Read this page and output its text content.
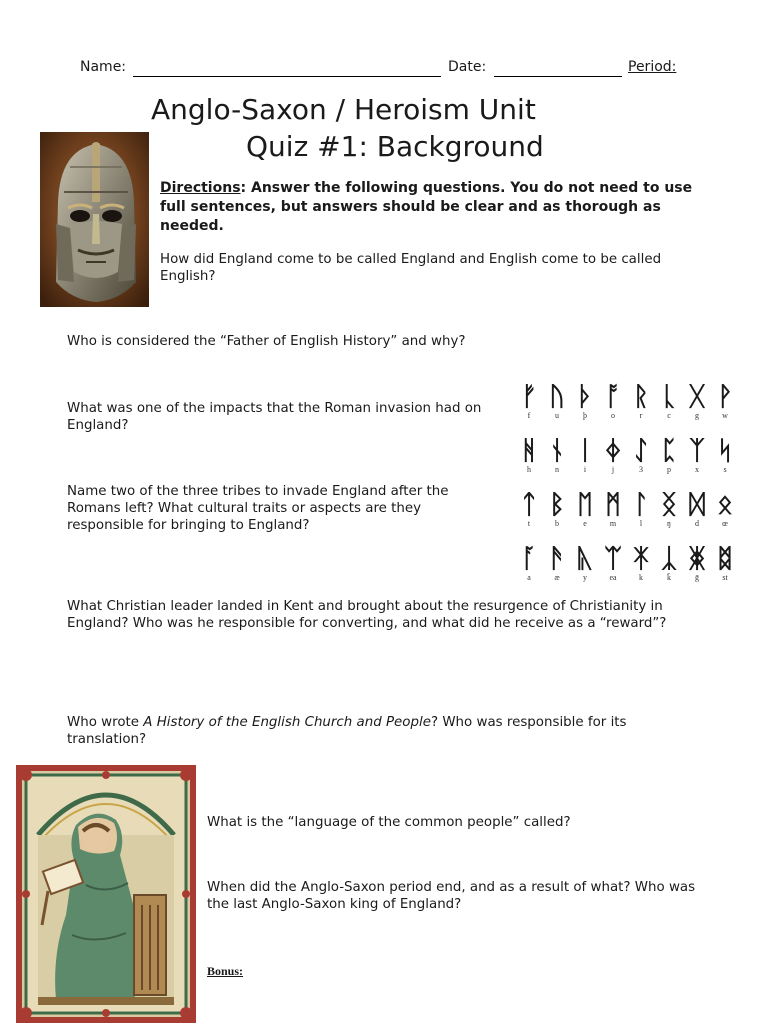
Name:	Date:	Period:
Anglo-Saxon / Heroism Unit
Quiz #1: Background
Directions: Answer the following questions. You do not need to use full sentences, but answers should be clear and as thorough as needed.
How did England come to be called England and English come to be called English?
Who is considered the “Father of English History” and why?
What was one of the impacts that the Roman invasion had on England?
Name two of the three tribes to invade England after the Romans left? What cultural traits or aspects are they responsible for bringing to England?
What Christian leader landed in Kent and brought about the resurgence of Christianity in England? Who was he responsible for converting, and what did he receive as a “reward”?
Who wrote A History of the English Church and People? Who was responsible for its translation?
What is the “language of the common people” called?
When did the Anglo-Saxon period end, and as a result of what? Who was the last Anglo-Saxon king of England?
Bonus:
ᚠ
f
ᚢ
u
ᚦ
þ
ᚩ
o
ᚱ
r
ᚳ
c
ᚷ
g
ᚹ
w
ᚻ
h
ᚾ
n
ᛁ
i
ᛄ
j
ᛇ
3
ᛈ
p
ᛉ
x
ᛋ
s
ᛏ
t
ᛒ
b
ᛖ
e
ᛗ
m
ᛚ
l
ᛝ
ŋ
ᛞ
d
ᛟ
œ
ᚪ
a
ᚫ
æ
ᚣ
y
ᛠ
ea
ᛡ
k
ᛣ
k̄
ᛤ
ḡ
ᛥ
st
